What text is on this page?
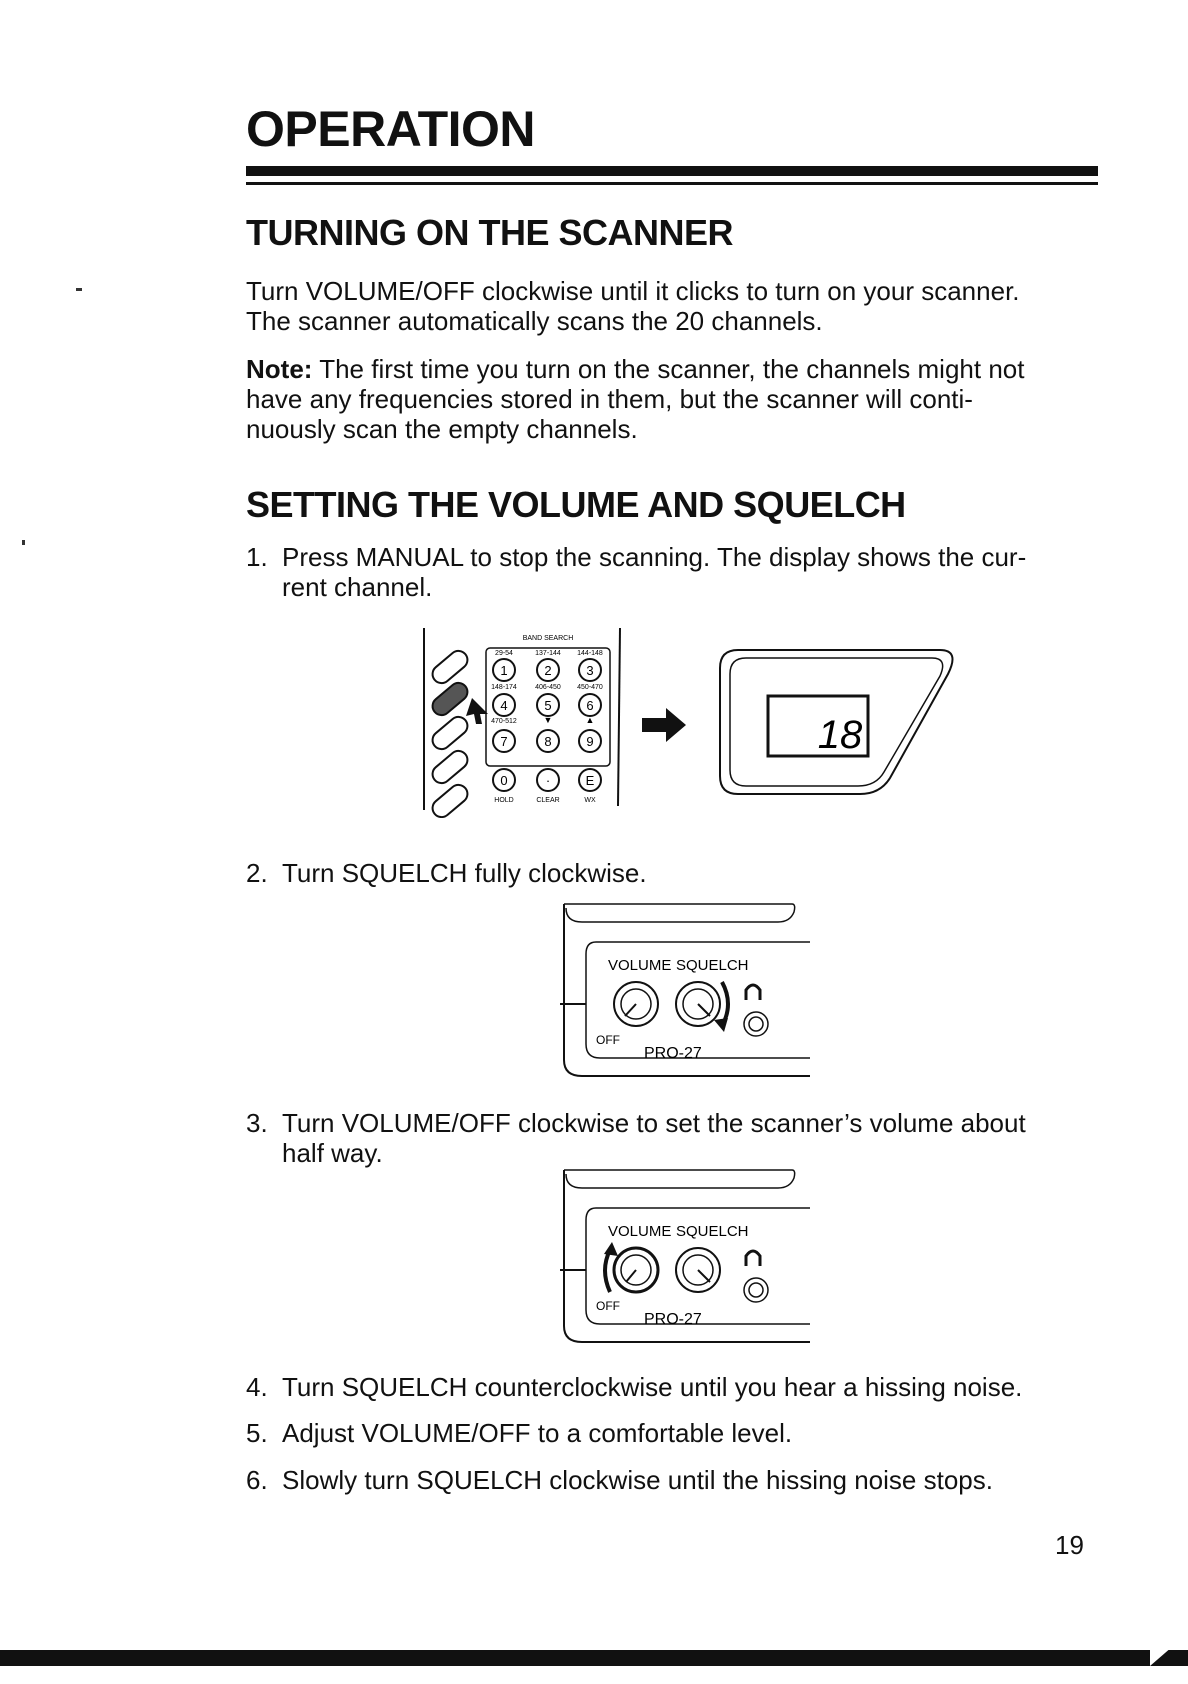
OPERATION
TURNING ON THE SCANNER

Turn VOLUME/OFF clockwise until it clicks to turn on your scanner.
The scanner automatically scans the 20 channels.

Note: The first time you turn on the scanner, the channels might not
have any frequencies stored in them, but the scanner will conti-
nuously scan the empty channels.

SETTING THE VOLUME AND SQUELCH
1. Press MANUAL to stop the scanning. The display shows the cur-
rent channel.
BAND SEARCH
29-54	137-144 144-148
148-174	406-450 450-470
470-512	▼	▲
1	2	3
4	5	6
7	8	9
0	·	E
HOLD	CLEAR	WX
18
2. Turn SQUELCH fully clockwise.
VOLUME SQUELCH
OFF
PRO-27
3. Turn VOLUME/OFF clockwise to set the scanner’s volume about
half way.
VOLUME SQUELCH
OFF
PRO-27
4. Turn SQUELCH counterclockwise until you hear a hissing noise.
5. Adjust VOLUME/OFF to a comfortable level.
6. Slowly turn SQUELCH clockwise until the hissing noise stops.
19
